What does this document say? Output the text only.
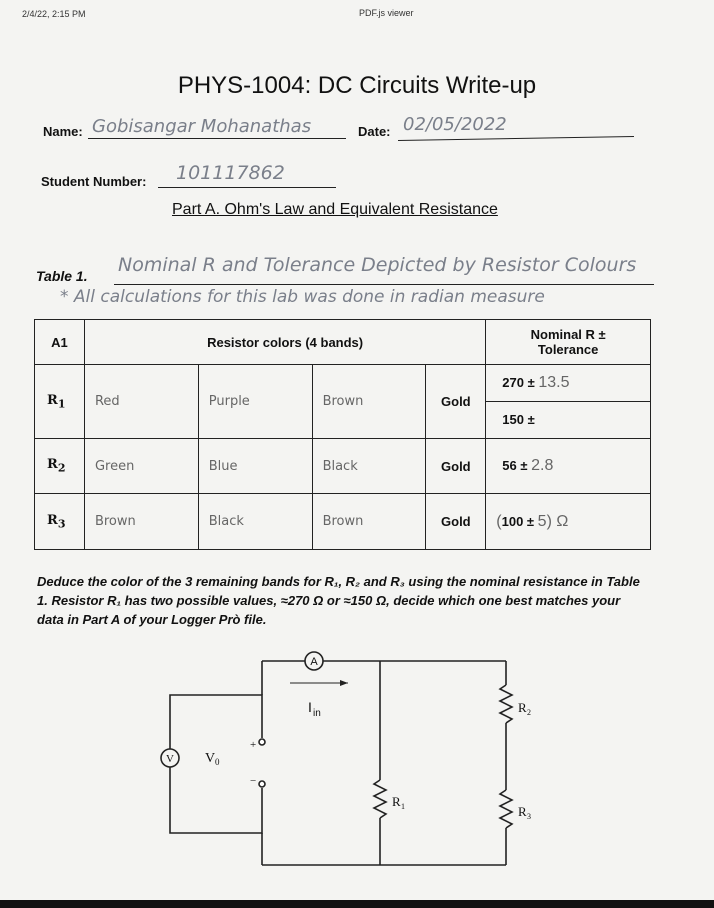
2/4/22, 2:15 PM	PDF.js viewer
PHYS-1004: DC Circuits Write-up
Name: Gobisangar Mohanathas	Date: 02/05/2022
Student Number: 101117862
Part A. Ohm's Law and Equivalent Resistance
Table 1. Nominal R and Tolerance Depicted by Resistor Colours
* All calculations for this lab was done in radian measure
A1	Resistor colors (4 bands)				Nominal R ±
Tolerance

$R_1$	Red	Purple	Brown	Gold	270 ± 13.5
150 ±

$R_2$	Green	Blue	Black	Gold	56 ± 2.8
$R_3$	Brown	Black	Brown	Gold	(100 ± 5) Ω
Deduce the color of the 3 remaining bands for R₁, R₂ and R₃ using the nominal resistance in Table 1. Resistor R₁ has two possible values, ≈270 Ω or ≈150 Ω, decide which one best matches your data in Part A of your Logger Prò file.
A
V
I in
V 0
+
−
R 1
R 2
R 3
